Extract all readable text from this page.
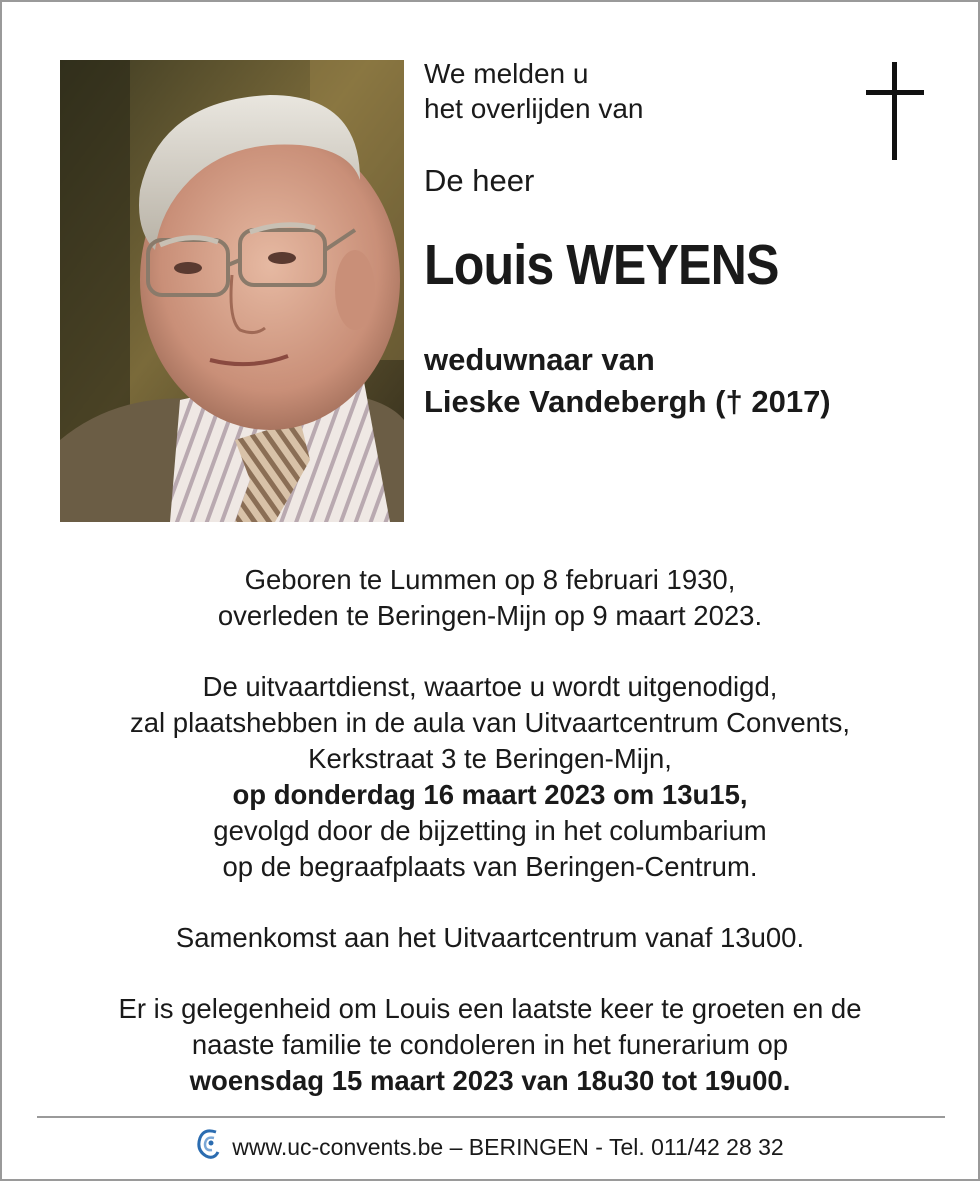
We melden u
het overlijden van
De heer
Louis WEYENS
weduwnaar van
Lieske Vandebergh († 2017)
Geboren te Lummen op 8 februari 1930,
overleden te Beringen-Mijn op 9 maart 2023.
De uitvaartdienst, waartoe u wordt uitgenodigd,
zal plaatshebben in de aula van Uitvaartcentrum Convents,
Kerkstraat 3 te Beringen-Mijn,
op donderdag 16 maart 2023 om 13u15,
gevolgd door de bijzetting in het columbarium
op de begraafplaats van Beringen-Centrum.
Samenkomst aan het Uitvaartcentrum vanaf 13u00.
Er is gelegenheid om Louis een laatste keer te groeten en de
naaste familie te condoleren in het funerarium op
woensdag 15 maart 2023 van 18u30 tot 19u00.
www.uc-convents.be – BERINGEN - Tel. 011/42 28 32
